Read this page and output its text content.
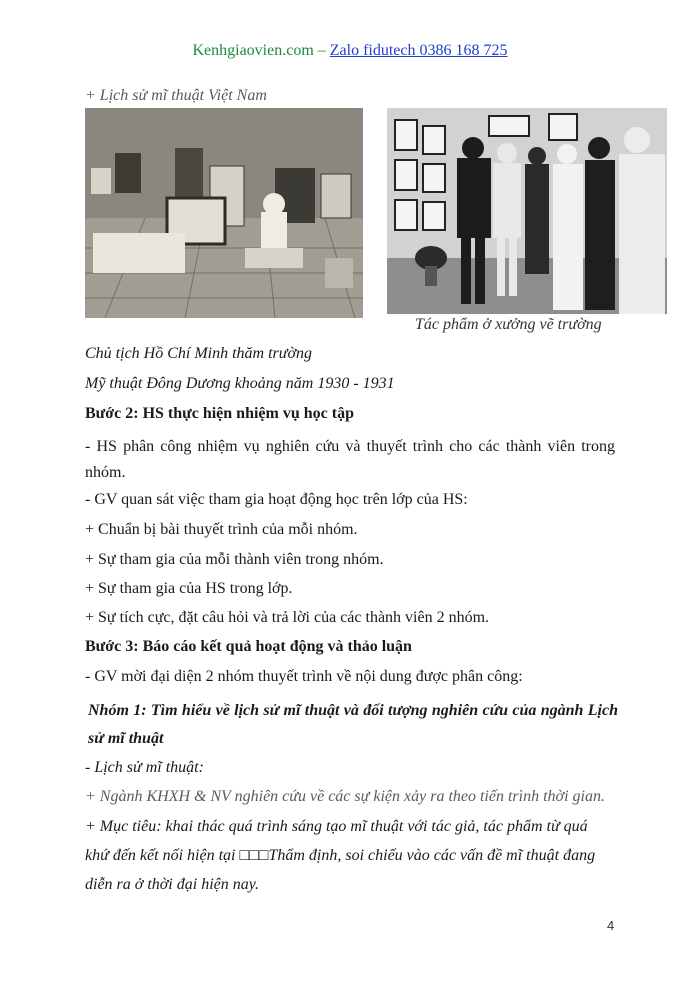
Kenhgiaovien.com – Zalo fidutech 0386 168 725
+ Lịch sử mĩ thuật Việt Nam
Tác phẩm ở xưởng vẽ trường
Chủ tịch Hồ Chí Minh thăm trường
Mỹ thuật Đông Dương khoảng năm 1930 - 1931
Bước 2: HS thực hiện nhiệm vụ học tập
- HS phân công nhiệm vụ nghiên cứu và thuyết trình cho các thành viên trong nhóm.
- GV quan sát việc tham gia hoạt động học trên lớp của HS:
+ Chuẩn bị bài thuyết trình của mỗi nhóm.
+ Sự tham gia của mỗi thành viên trong nhóm.
+ Sự tham gia của HS trong lớp.
+ Sự tích cực, đặt câu hỏi và trả lời của các thành viên 2 nhóm.
Bước 3: Báo cáo kết quả hoạt động và thảo luận
- GV mời đại diện 2 nhóm thuyết trình về nội dung được phân công:
Nhóm 1: Tìm hiểu về lịch sử mĩ thuật và đối tượng nghiên cứu của ngành Lịch sử mĩ thuật
- Lịch sử mĩ thuật:
+ Ngành KHXH & NV nghiên cứu về các sự kiện xảy ra theo tiến trình thời gian.
+ Mục tiêu: khai thác quá trình sáng tạo mĩ thuật với tác giả, tác phẩm từ quá
khứ đến kết nối hiện tại □□□Thẩm định, soi chiếu vào các vấn đề mĩ thuật đang
diễn ra ở thời đại hiện nay.
4
